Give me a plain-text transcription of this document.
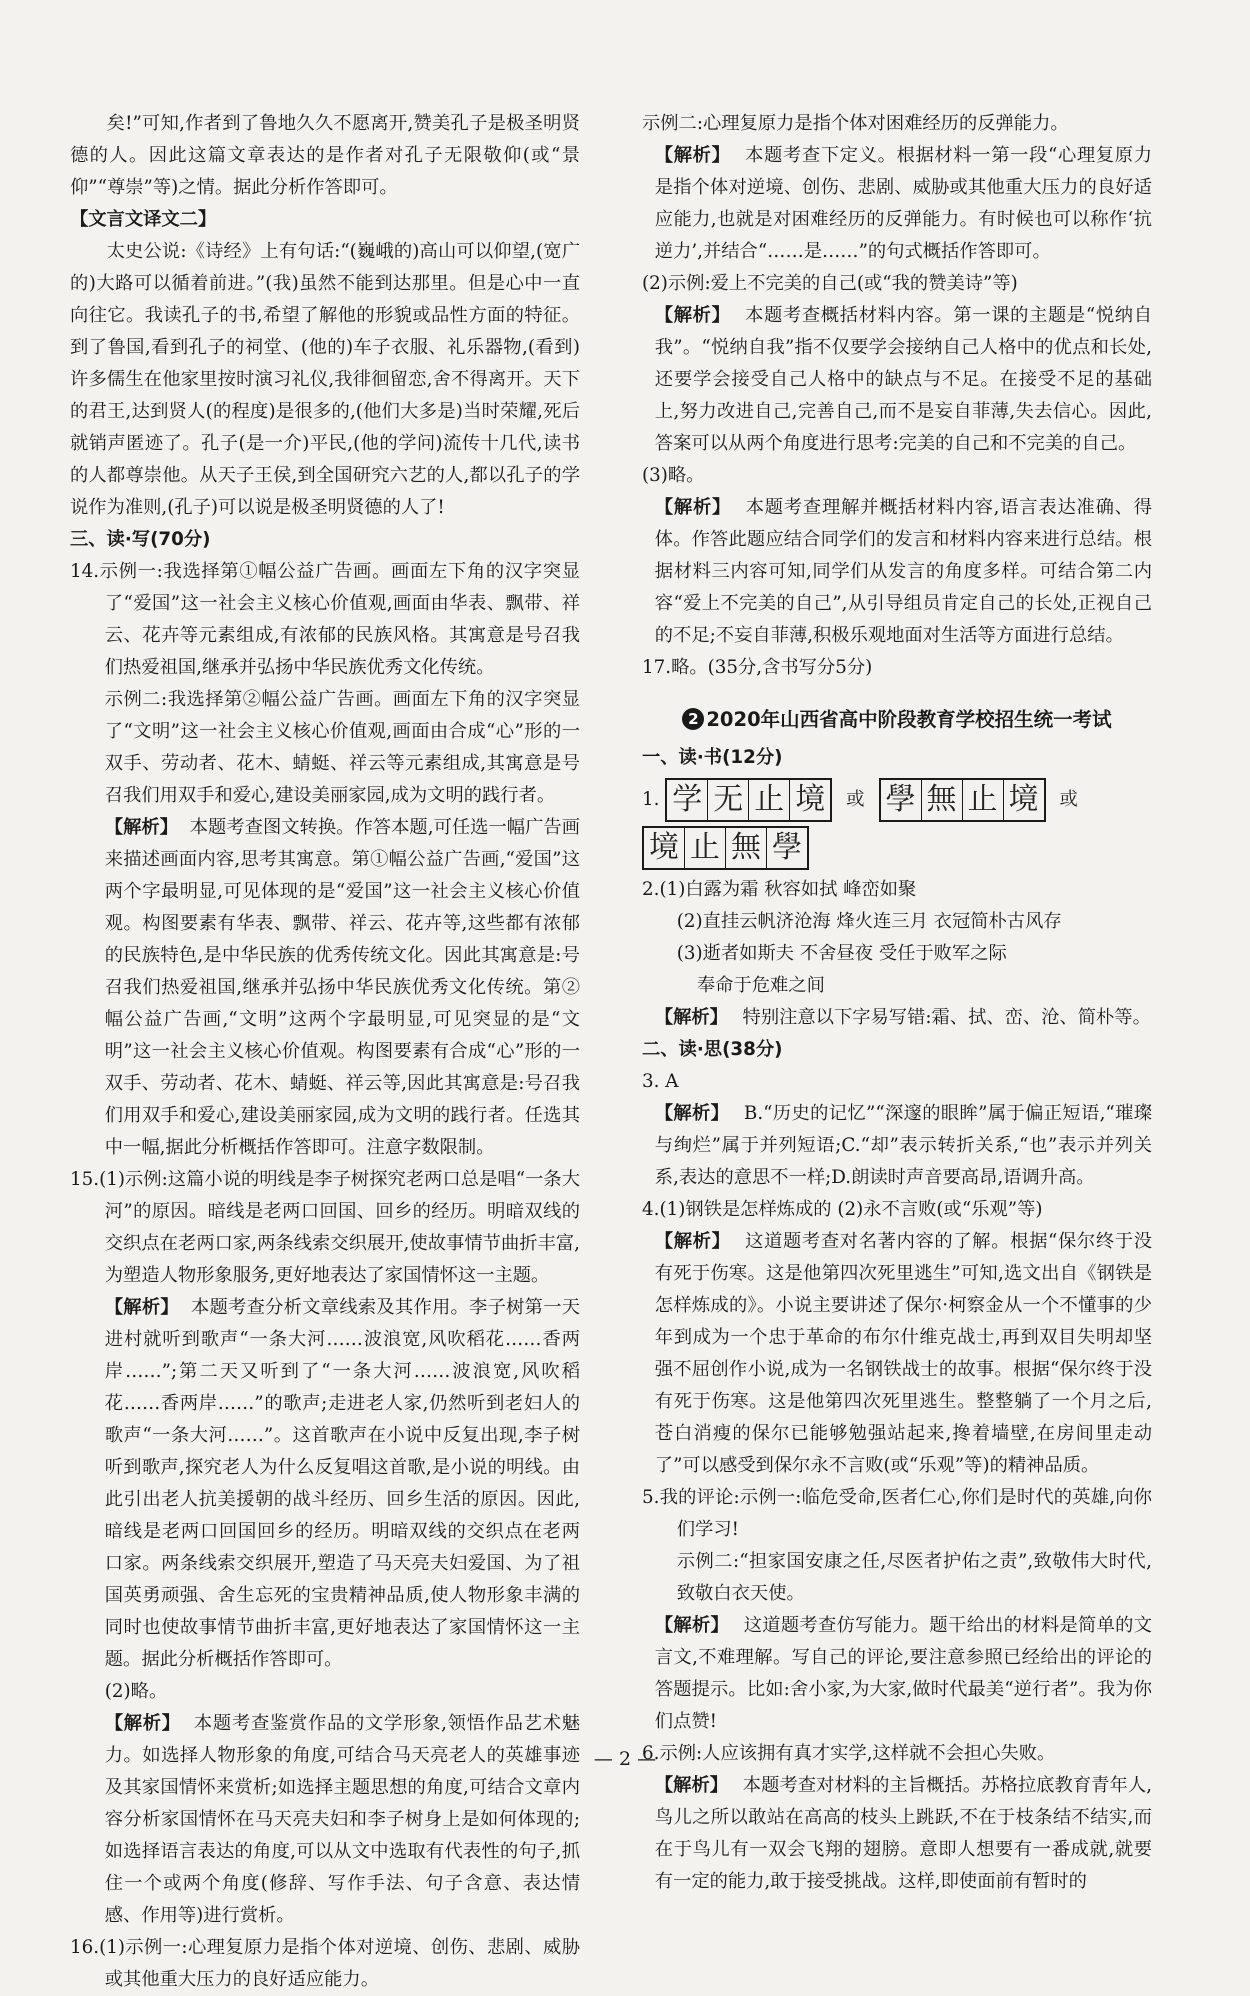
矣!”可知,作者到了鲁地久久不愿离开,赞美孔子是极圣明贤德的人。因此这篇文章表达的是作者对孔子无限敬仰(或“景仰”“尊崇”等)之情。据此分析作答即可。

【文言文译文二】

太史公说:《诗经》上有句话:“(巍峨的)高山可以仰望,(宽广的)大路可以循着前进。”(我)虽然不能到达那里。但是心中一直向往它。我读孔子的书,希望了解他的形貌或品性方面的特征。到了鲁国,看到孔子的祠堂、(他的)车子衣服、礼乐器物,(看到)许多儒生在他家里按时演习礼仪,我徘徊留恋,舍不得离开。天下的君王,达到贤人(的程度)是很多的,(他们大多是)当时荣耀,死后就销声匿迹了。孔子(是一介)平民,(他的学问)流传十几代,读书的人都尊崇他。从天子王侯,到全国研究六艺的人,都以孔子的学说作为准则,(孔子)可以说是极圣明贤德的人了!

三、读·写(70分)

14.示例一:我选择第①幅公益广告画。画面左下角的汉字突显了“爱国”这一社会主义核心价值观,画面由华表、飘带、祥云、花卉等元素组成,有浓郁的民族风格。其寓意是号召我们热爱祖国,继承并弘扬中华民族优秀文化传统。

示例二:我选择第②幅公益广告画。画面左下角的汉字突显了“文明”这一社会主义核心价值观,画面由合成“心”形的一双手、劳动者、花木、蜻蜓、祥云等元素组成,其寓意是号召我们用双手和爱心,建设美丽家园,成为文明的践行者。

【解析】 本题考查图文转换。作答本题,可任选一幅广告画来描述画面内容,思考其寓意。第①幅公益广告画,“爱国”这两个字最明显,可见体现的是“爱国”这一社会主义核心价值观。构图要素有华表、飘带、祥云、花卉等,这些都有浓郁的民族特色,是中华民族的优秀传统文化。因此其寓意是:号召我们热爱祖国,继承并弘扬中华民族优秀文化传统。第②幅公益广告画,“文明”这两个字最明显,可见突显的是“文明”这一社会主义核心价值观。构图要素有合成“心”形的一双手、劳动者、花木、蜻蜓、祥云等,因此其寓意是:号召我们用双手和爱心,建设美丽家园,成为文明的践行者。任选其中一幅,据此分析概括作答即可。注意字数限制。

15.(1)示例:这篇小说的明线是李子树探究老两口总是唱“一条大河”的原因。暗线是老两口回国、回乡的经历。明暗双线的交织点在老两口家,两条线索交织展开,使故事情节曲折丰富,为塑造人物形象服务,更好地表达了家国情怀这一主题。

【解析】 本题考查分析文章线索及其作用。李子树第一天进村就听到歌声“一条大河……波浪宽,风吹稻花……香两岸……”;第二天又听到了“一条大河……波浪宽,风吹稻花……香两岸……”的歌声;走进老人家,仍然听到老妇人的歌声“一条大河……”。这首歌声在小说中反复出现,李子树听到歌声,探究老人为什么反复唱这首歌,是小说的明线。由此引出老人抗美援朝的战斗经历、回乡生活的原因。因此,暗线是老两口回国回乡的经历。明暗双线的交织点在老两口家。两条线索交织展开,塑造了马天亮夫妇爱国、为了祖国英勇顽强、舍生忘死的宝贵精神品质,使人物形象丰满的同时也使故事情节曲折丰富,更好地表达了家国情怀这一主题。据此分析概括作答即可。

(2)略。

【解析】 本题考查鉴赏作品的文学形象,领悟作品艺术魅力。如选择人物形象的角度,可结合马天亮老人的英雄事迹及其家国情怀来赏析;如选择主题思想的角度,可结合文章内容分析家国情怀在马天亮夫妇和李子树身上是如何体现的;如选择语言表达的角度,可以从文中选取有代表性的句子,抓住一个或两个角度(修辞、写作手法、句子含意、表达情感、作用等)进行赏析。

16.(1)示例一:心理复原力是指个体对逆境、创伤、悲剧、威胁或其他重大压力的良好适应能力。

示例二:心理复原力是指个体对困难经历的反弹能力。

【解析】 本题考查下定义。根据材料一第一段“心理复原力是指个体对逆境、创伤、悲剧、威胁或其他重大压力的良好适应能力,也就是对困难经历的反弹能力。有时候也可以称作‘抗逆力’,并结合“……是……”的句式概括作答即可。

(2)示例:爱上不完美的自己(或“我的赞美诗”等)

【解析】 本题考查概括材料内容。第一课的主题是“悦纳自我”。“悦纳自我”指不仅要学会接纳自己人格中的优点和长处,还要学会接受自己人格中的缺点与不足。在接受不足的基础上,努力改进自己,完善自己,而不是妄自菲薄,失去信心。因此,答案可以从两个角度进行思考:完美的自己和不完美的自己。

(3)略。

【解析】 本题考查理解并概括材料内容,语言表达准确、得体。作答此题应结合同学们的发言和材料内容来进行总结。根据材料三内容可知,同学们从发言的角度多样。可结合第二内容“爱上不完美的自己”,从引导组员肯定自己的长处,正视自己的不足;不妄自菲薄,积极乐观地面对生活等方面进行总结。

17.略。(35分,含书写分5分)

2 2020年山西省高中阶段教育学校招生统一考试

一、读·书(12分)

1.
学 无 止 境 或 學 無 止 境 或
境 止 無 學

2.(1)白露为霜 秋容如拭 峰峦如聚

(2)直挂云帆济沧海 烽火连三月 衣冠简朴古风存

(3)逝者如斯夫 不舍昼夜 受任于败军之际

奉命于危难之间

【解析】 特别注意以下字易写错:霜、拭、峦、沧、简朴等。

二、读·思(38分)

3. A

【解析】 B.“历史的记忆”“深邃的眼眸”属于偏正短语,“璀璨与绚烂”属于并列短语;C.“却”表示转折关系,“也”表示并列关系,表达的意思不一样;D.朗读时声音要高昂,语调升高。

4.(1)钢铁是怎样炼成的 (2)永不言败(或“乐观”等)

【解析】 这道题考查对名著内容的了解。根据“保尔终于没有死于伤寒。这是他第四次死里逃生”可知,选文出自《钢铁是怎样炼成的》。小说主要讲述了保尔·柯察金从一个不懂事的少年到成为一个忠于革命的布尔什维克战士,再到双目失明却坚强不屈创作小说,成为一名钢铁战士的故事。根据“保尔终于没有死于伤寒。这是他第四次死里逃生。整整躺了一个月之后,苍白消瘦的保尔已能够勉强站起来,搀着墙壁,在房间里走动了”可以感受到保尔永不言败(或“乐观”等)的精神品质。

5.我的评论:示例一:临危受命,医者仁心,你们是时代的英雄,向你们学习!

示例二:“担家国安康之任,尽医者护佑之责”,致敬伟大时代,致敬白衣天使。

【解析】 这道题考查仿写能力。题干给出的材料是简单的文言文,不难理解。写自己的评论,要注意参照已经给出的评论的答题提示。比如:舍小家,为大家,做时代最美“逆行者”。我为你们点赞!

6.示例:人应该拥有真才实学,这样就不会担心失败。

【解析】 本题考查对材料的主旨概括。苏格拉底教育青年人,鸟儿之所以敢站在高高的枝头上跳跃,不在于枝条结不结实,而在于鸟儿有一双会飞翔的翅膀。意即人想要有一番成就,就要有一定的能力,敢于接受挑战。这样,即使面前有暂时的

— 2 —
